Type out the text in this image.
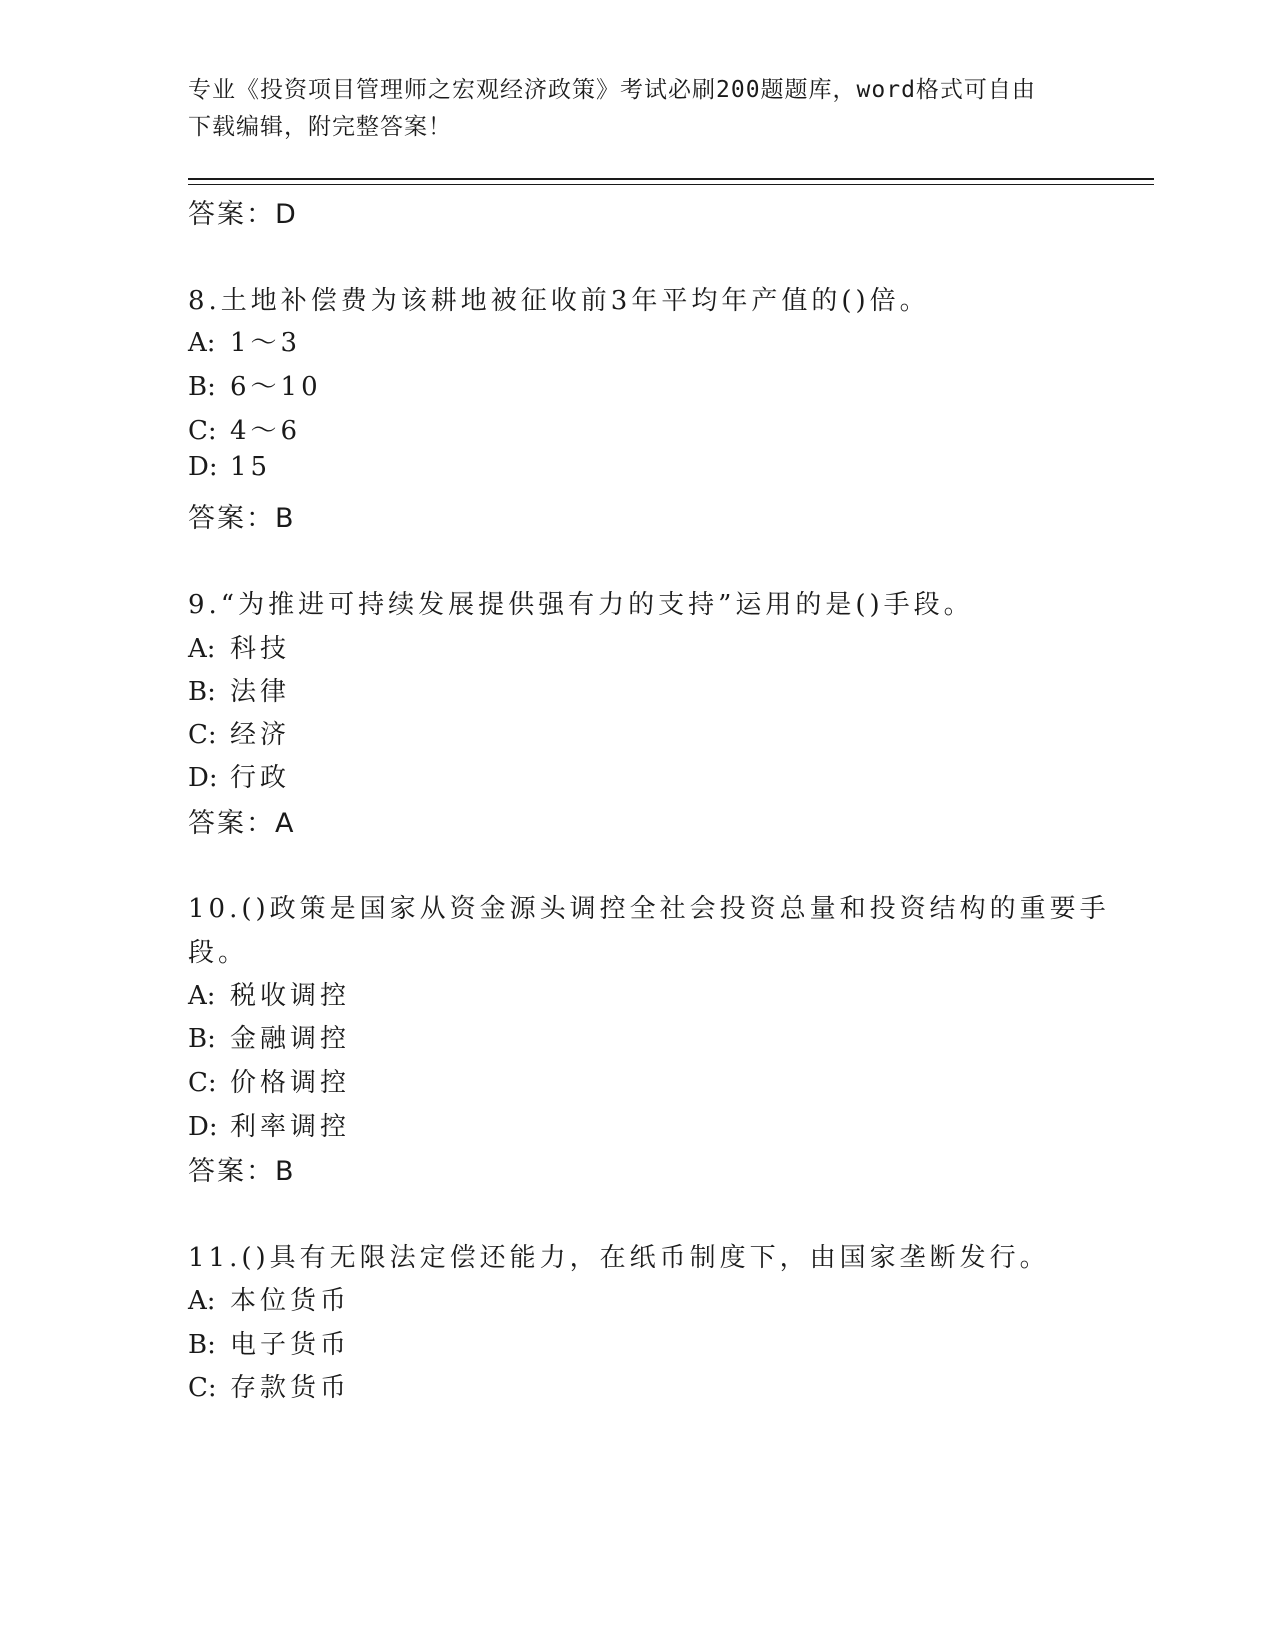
专业《投资项目管理师之宏观经济政策》考试必刷200题题库，word格式可自由
下载编辑，附完整答案！
答案：D
8.土地补偿费为该耕地被征收前3年平均年产值的()倍。
A: 1～3
B: 6～10
C: 4～6
D: 15
答案：B
9.“为推进可持续发展提供强有力的支持”运用的是()手段。
A: 科技
B: 法律
C: 经济
D: 行政
答案：A
10.()政策是国家从资金源头调控全社会投资总量和投资结构的重要手
段。
A: 税收调控
B: 金融调控
C: 价格调控
D: 利率调控
答案：B
11.()具有无限法定偿还能力，在纸币制度下，由国家垄断发行。
A: 本位货币
B: 电子货币
C: 存款货币
